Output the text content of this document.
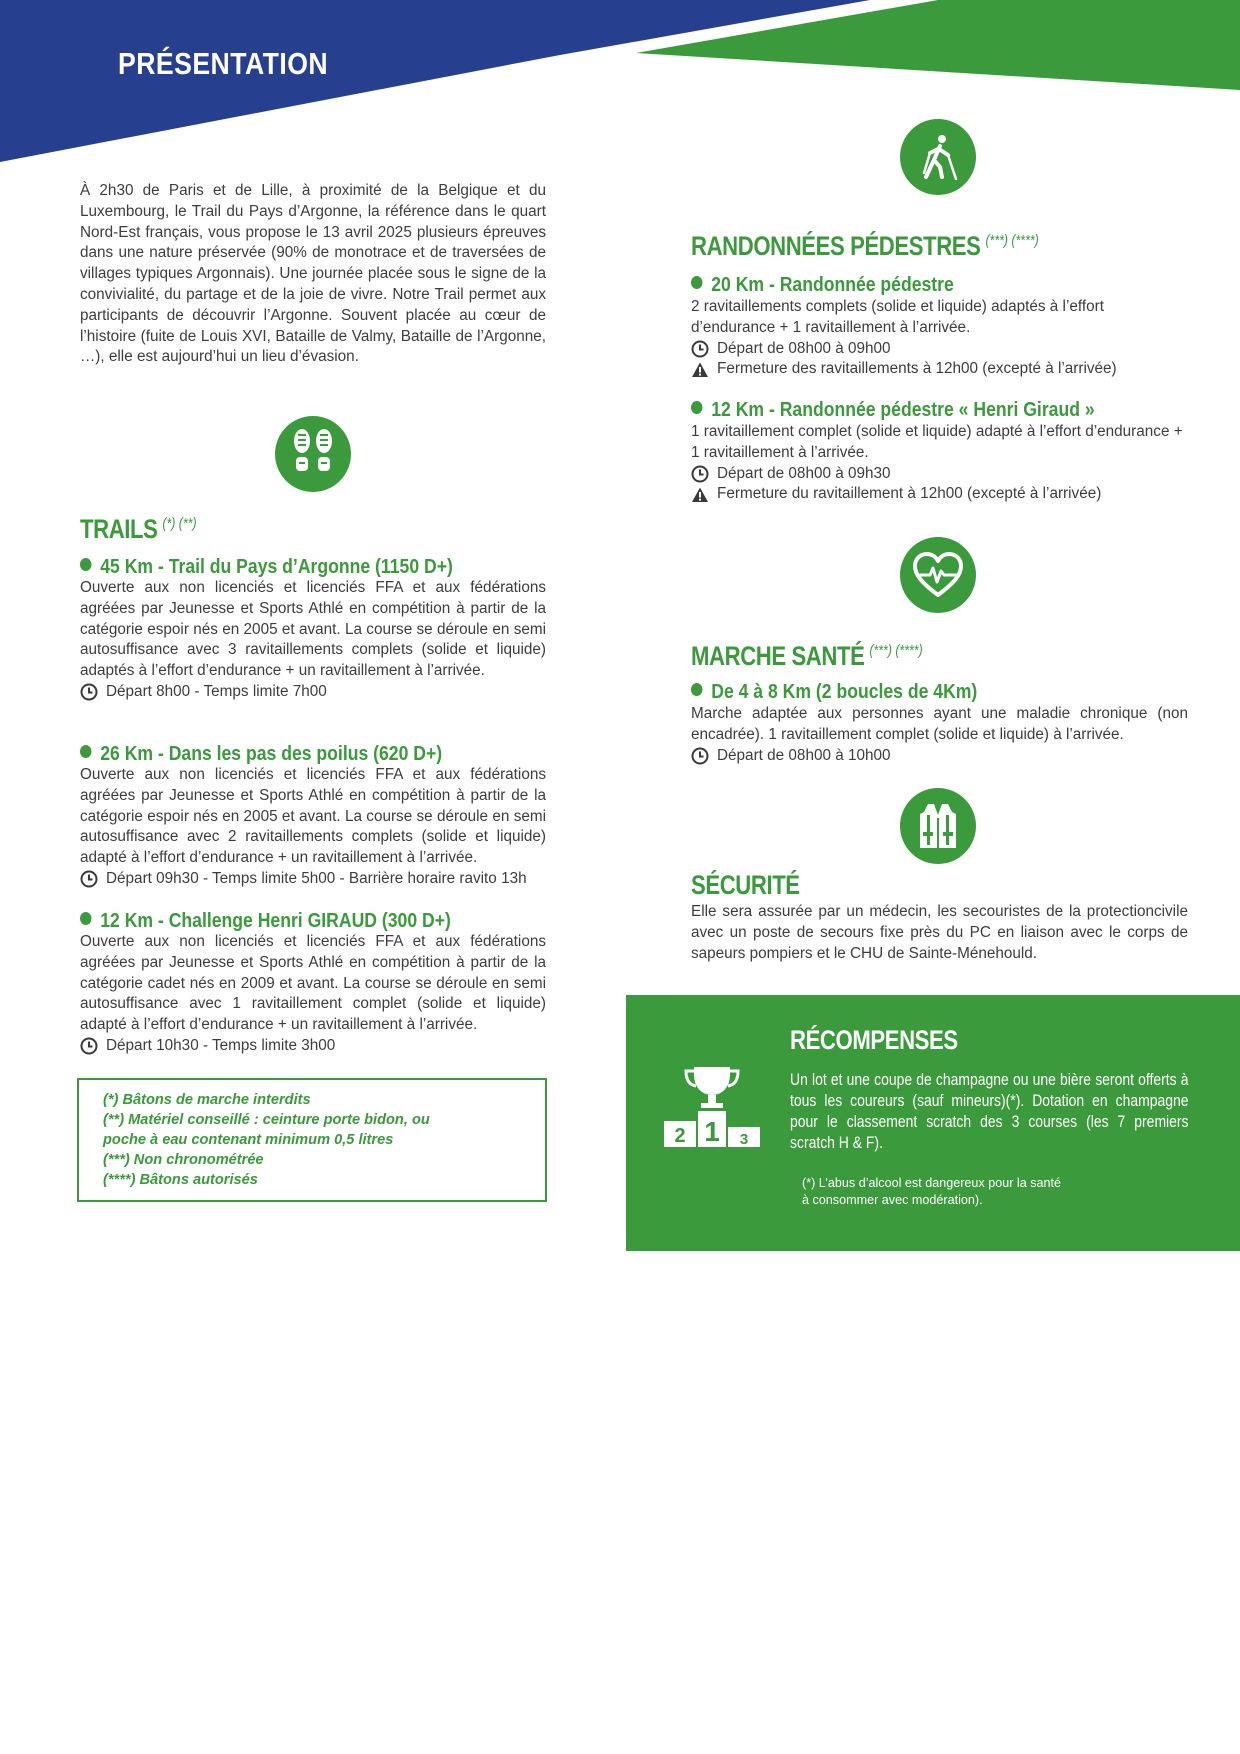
PRÉSENTATION
À 2h30 de Paris et de Lille, à proximité de la Belgique et du Luxembourg, le Trail du Pays d’Argonne, la référence dans le quart Nord-Est français, vous propose le 13 avril 2025 plusieurs épreuves dans une nature préservée (90% de monotrace et de traversées de villages typiques Argonnais). Une journée placée sous le signe de la convivialité, du partage et de la joie de vivre. Notre Trail permet aux participants de découvrir l’Argonne. Souvent placée au cœur de l’histoire (fuite de Louis XVI, Bataille de Valmy, Bataille de l’Argonne, …), elle est aujourd’hui un lieu d’évasion.
TRAILS (*) (**)
45 Km - Trail du Pays d’Argonne (1150 D+)
Ouverte aux non licenciés et licenciés FFA et aux fédérations agréées par Jeunesse et Sports Athlé en compétition à partir de la catégorie espoir nés en 2005 et avant. La course se déroule en semi autosuffisance avec 3 ravitaillements complets (solide et liquide) adaptés à l’effort d’endurance + un ravitaillement à l’arrivée.
Départ 8h00 - Temps limite 7h00
26 Km - Dans les pas des poilus (620 D+)
Ouverte aux non licenciés et licenciés FFA et aux fédérations agréées par Jeunesse et Sports Athlé en compétition à partir de la catégorie espoir nés en 2005 et avant. La course se déroule en semi autosuffisance avec 2 ravitaillements complets (solide et liquide) adapté à l’effort d’endurance + un ravitaillement à l’arrivée.
Départ 09h30 - Temps limite 5h00 - Barrière horaire ravito 13h
12 Km - Challenge Henri GIRAUD (300 D+)
Ouverte aux non licenciés et licenciés FFA et aux fédérations agréées par Jeunesse et Sports Athlé en compétition à partir de la catégorie cadet nés en 2009 et avant. La course se déroule en semi autosuffisance avec 1 ravitaillement complet (solide et liquide) adapté à l’effort d’endurance + un ravitaillement à l’arrivée.
Départ 10h30 - Temps limite 3h00
(*) Bâtons de marche interdits
(**) Matériel conseillé : ceinture porte bidon, ou
poche à eau contenant minimum 0,5 litres
(***) Non chronométrée
(****) Bâtons autorisés
RANDONNÉES PÉDESTRES (***) (****)
20 Km - Randonnée pédestre
2 ravitaillements complets (solide et liquide) adaptés à l’effort d’endurance + 1 ravitaillement à l’arrivée.
Départ de 08h00 à 09h00
Fermeture des ravitaillements à 12h00 (excepté à l’arrivée)
12 Km - Randonnée pédestre « Henri Giraud »
1 ravitaillement complet (solide et liquide) adapté à l’effort d’endurance + 1 ravitaillement à l’arrivée.
Départ de 08h00 à 09h30
Fermeture du ravitaillement à 12h00 (excepté à l’arrivée)
MARCHE SANTÉ (***) (****)
De 4 à 8 Km (2 boucles de 4Km)
Marche adaptée aux personnes ayant une maladie chronique (non encadrée). 1 ravitaillement complet (solide et liquide) à l’arrivée.
Départ de 08h00 à 10h00
SÉCURITÉ
Elle sera assurée par un médecin, les secouristes de la protectioncivile avec un poste de secours fixe près du PC en liaison avec le corps de sapeurs pompiers et le CHU de Sainte-Ménehould.
2 1 3
RÉCOMPENSES
Un lot et une coupe de champagne ou une bière seront offerts à tous les coureurs (sauf mineurs)(*). Dotation en champagne pour le classement scratch des 3 courses (les 7 premiers scratch H & F).
(*) L’abus d’alcool est dangereux pour la santé
à consommer avec modération).
